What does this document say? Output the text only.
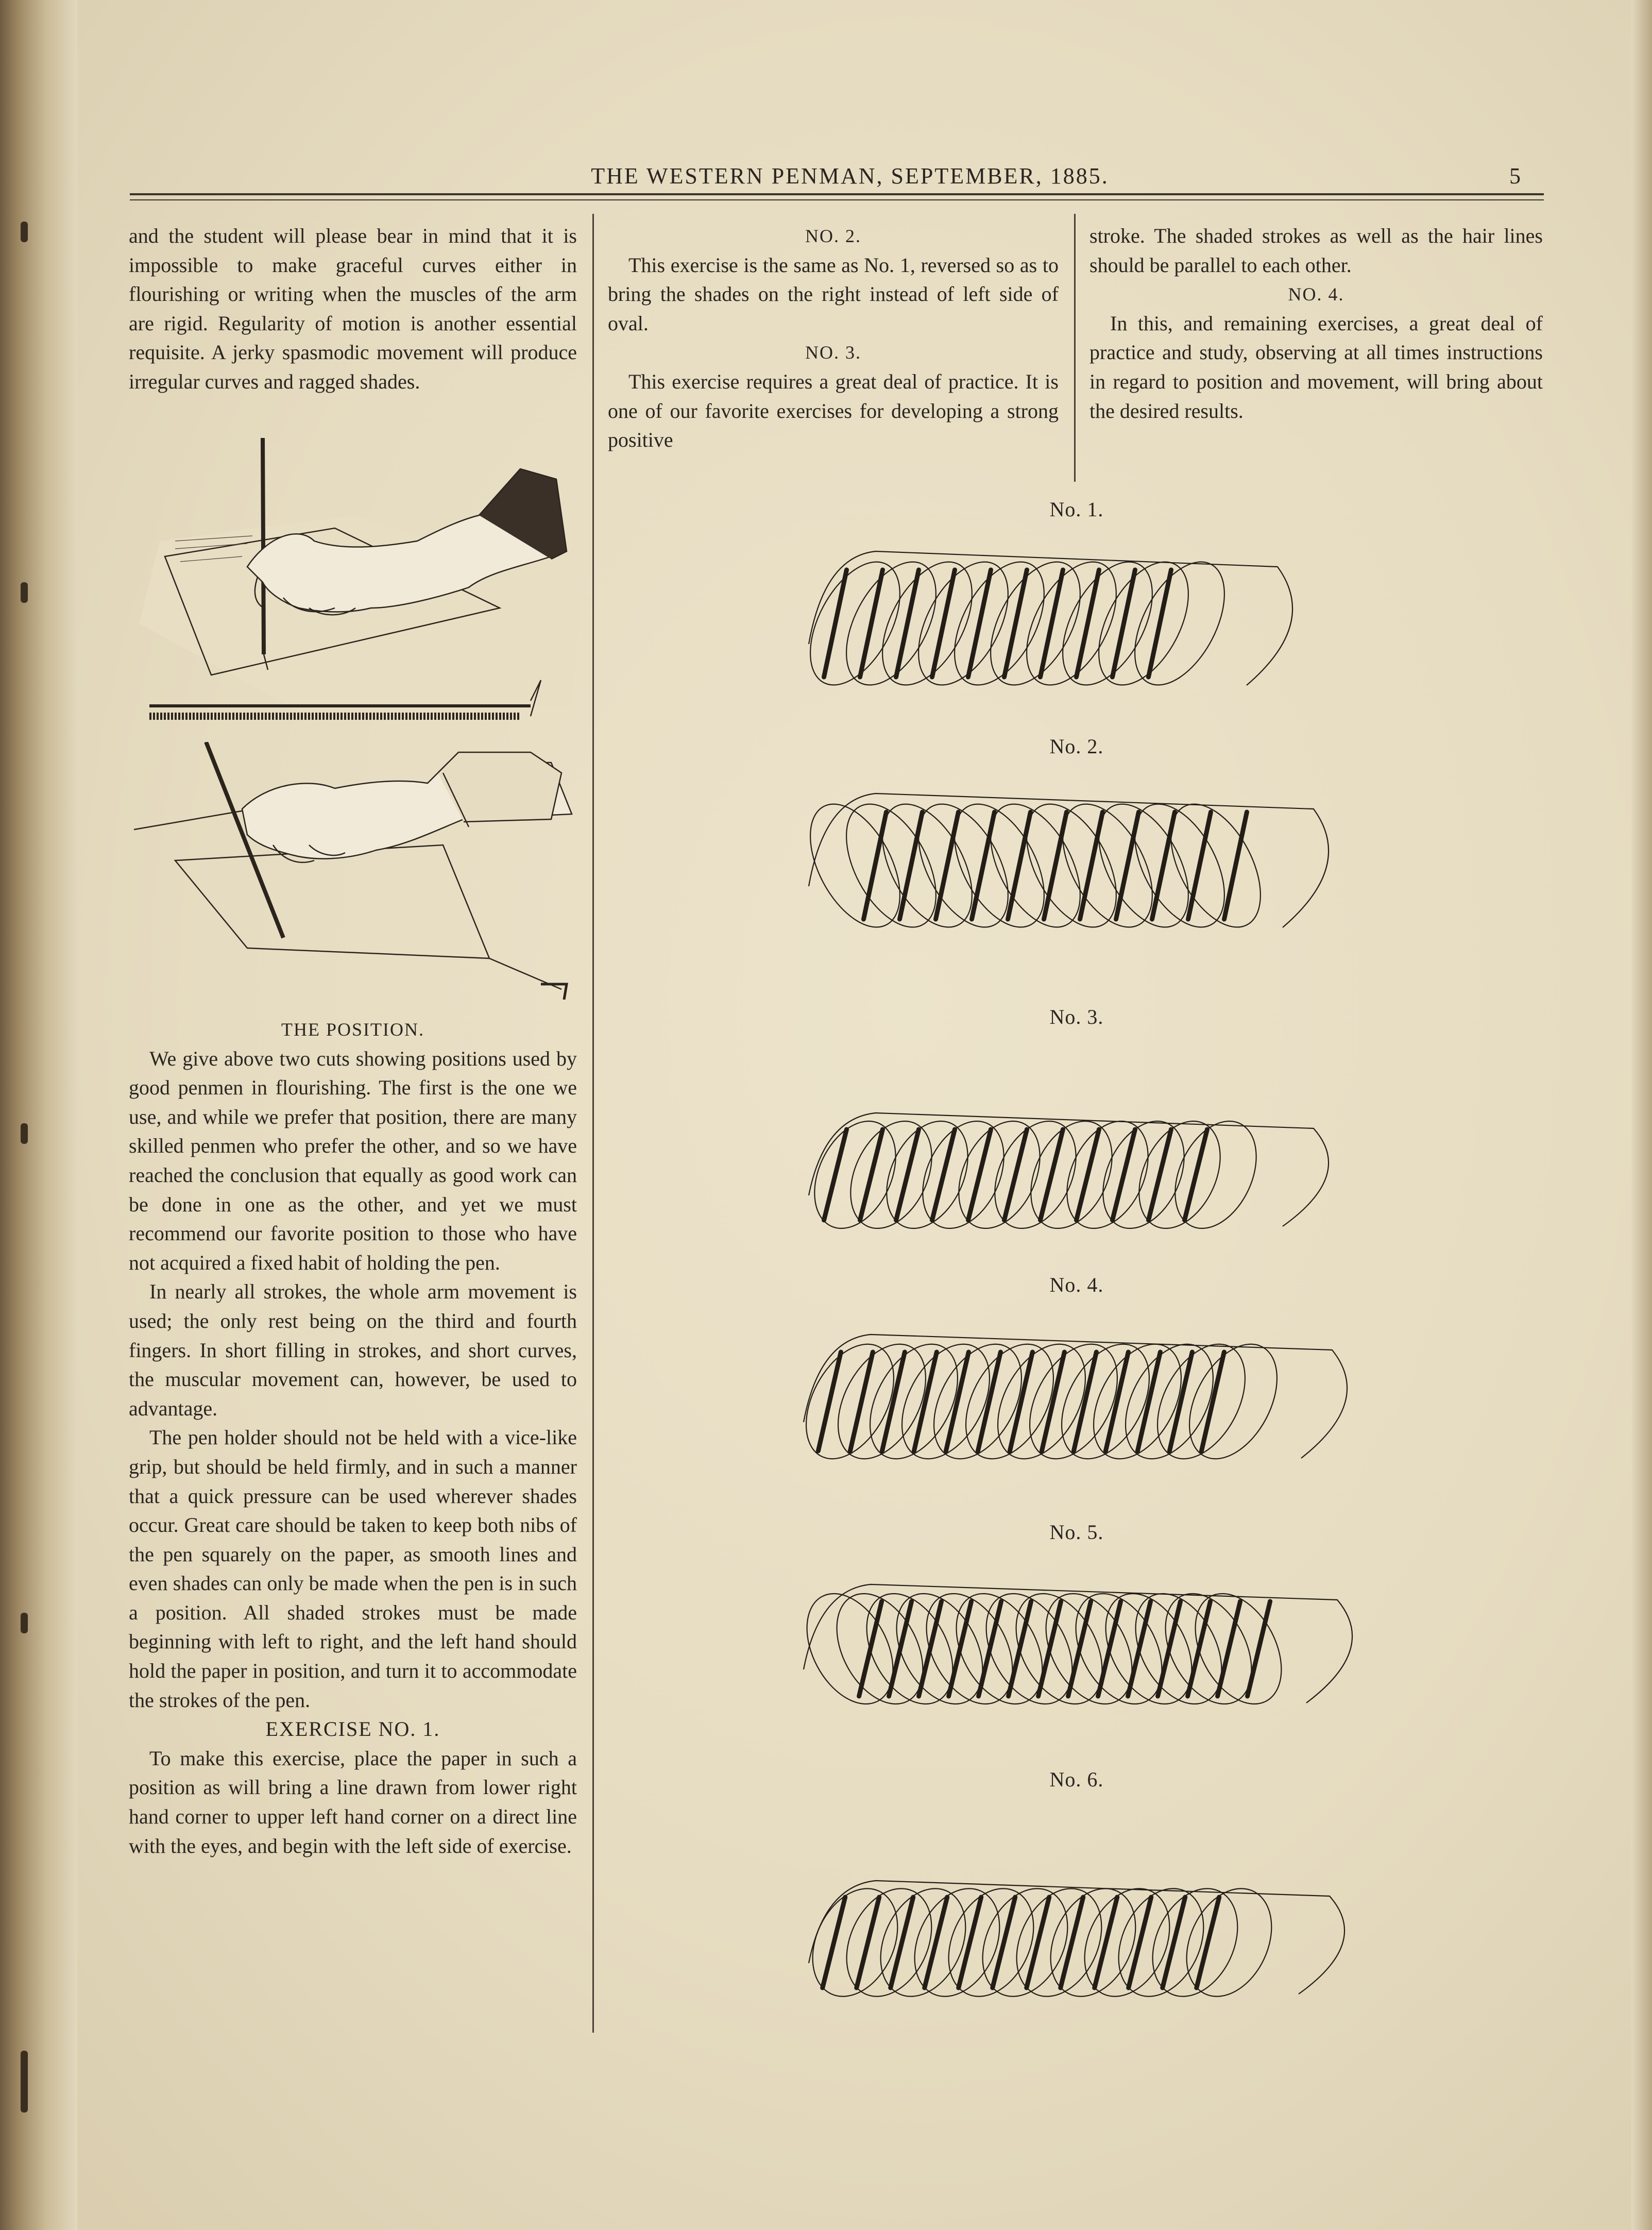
THE WESTERN PENMAN, SEPTEMBER, 1885.	5

and the student will please bear in mind that it is impossible to make graceful curves either in flourishing or writing when the muscles of the arm are rigid. Regularity of motion is another essential requisite. A jerky spasmodic movement will produce irregular curves and ragged shades.

THE POSITION.

We give above two cuts showing positions used by good penmen in flourishing. The first is the one we use, and while we prefer that position, there are many skilled penmen who prefer the other, and so we have reached the conclusion that equally as good work can be done in one as the other, and yet we must recommend our favorite position to those who have not acquired a fixed habit of holding the pen.

In nearly all strokes, the whole arm movement is used; the only rest being on the third and fourth fingers. In short filling in strokes, and short curves, the muscular movement can, however, be used to advantage.

The pen holder should not be held with a vice-like grip, but should be held firmly, and in such a manner that a quick pressure can be used wherever shades occur. Great care should be taken to keep both nibs of the pen squarely on the paper, as smooth lines and even shades can only be made when the pen is in such a position. All shaded strokes must be made beginning with left to right, and the left hand should hold the paper in position, and turn it to accommodate the strokes of the pen.

EXERCISE NO. 1.

To make this exercise, place the paper in such a position as will bring a line drawn from lower right hand corner to upper left hand corner on a direct line with the eyes, and begin with the left side of exercise.

NO. 2.

This exercise is the same as No. 1, reversed so as to bring the shades on the right instead of left side of oval.

NO. 3.

This exercise requires a great deal of practice. It is one of our favorite exercises for developing a strong positive

stroke. The shaded strokes as well as the hair lines should be parallel to each other.

NO. 4.

In this, and remaining exercises, a great deal of practice and study, observing at all times instructions in regard to position and movement, will bring about the desired results.

No. 1.
No. 2.
No. 3.
No. 4.
No. 5.
No. 6.
